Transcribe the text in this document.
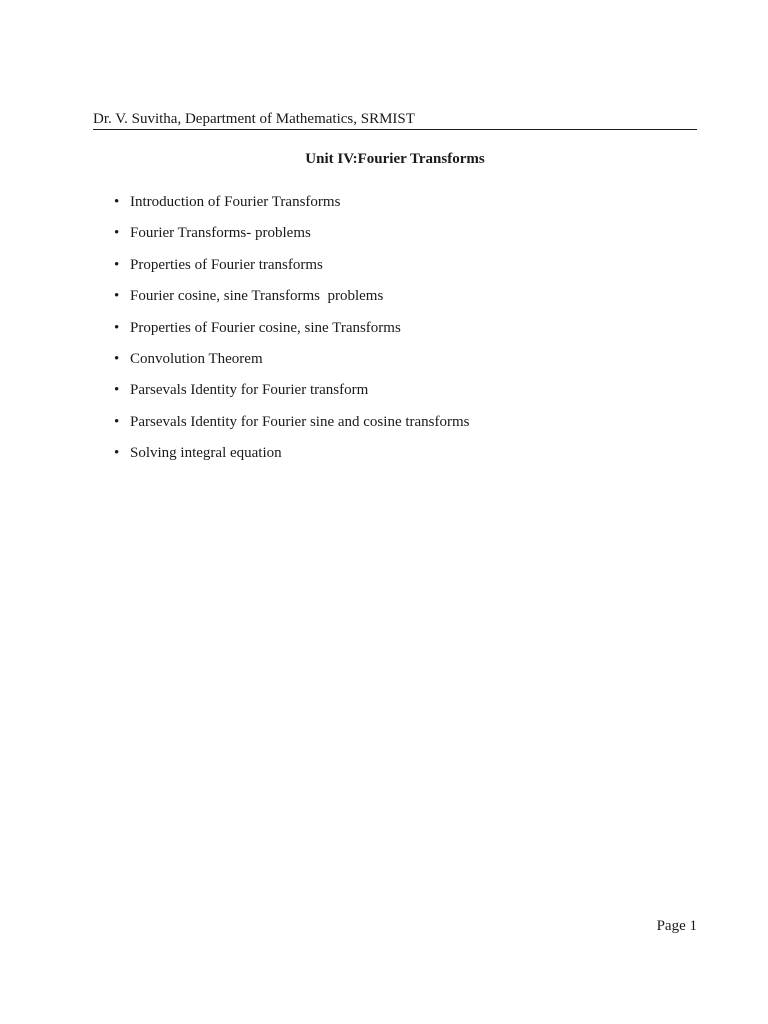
Dr. V. Suvitha, Department of Mathematics, SRMIST
Unit IV:Fourier Transforms
• Introduction of Fourier Transforms
• Fourier Transforms- problems
• Properties of Fourier transforms
• Fourier cosine, sine Transforms  problems
• Properties of Fourier cosine, sine Transforms
• Convolution Theorem
• Parsevals Identity for Fourier transform
• Parsevals Identity for Fourier sine and cosine transforms
• Solving integral equation
Page 1
